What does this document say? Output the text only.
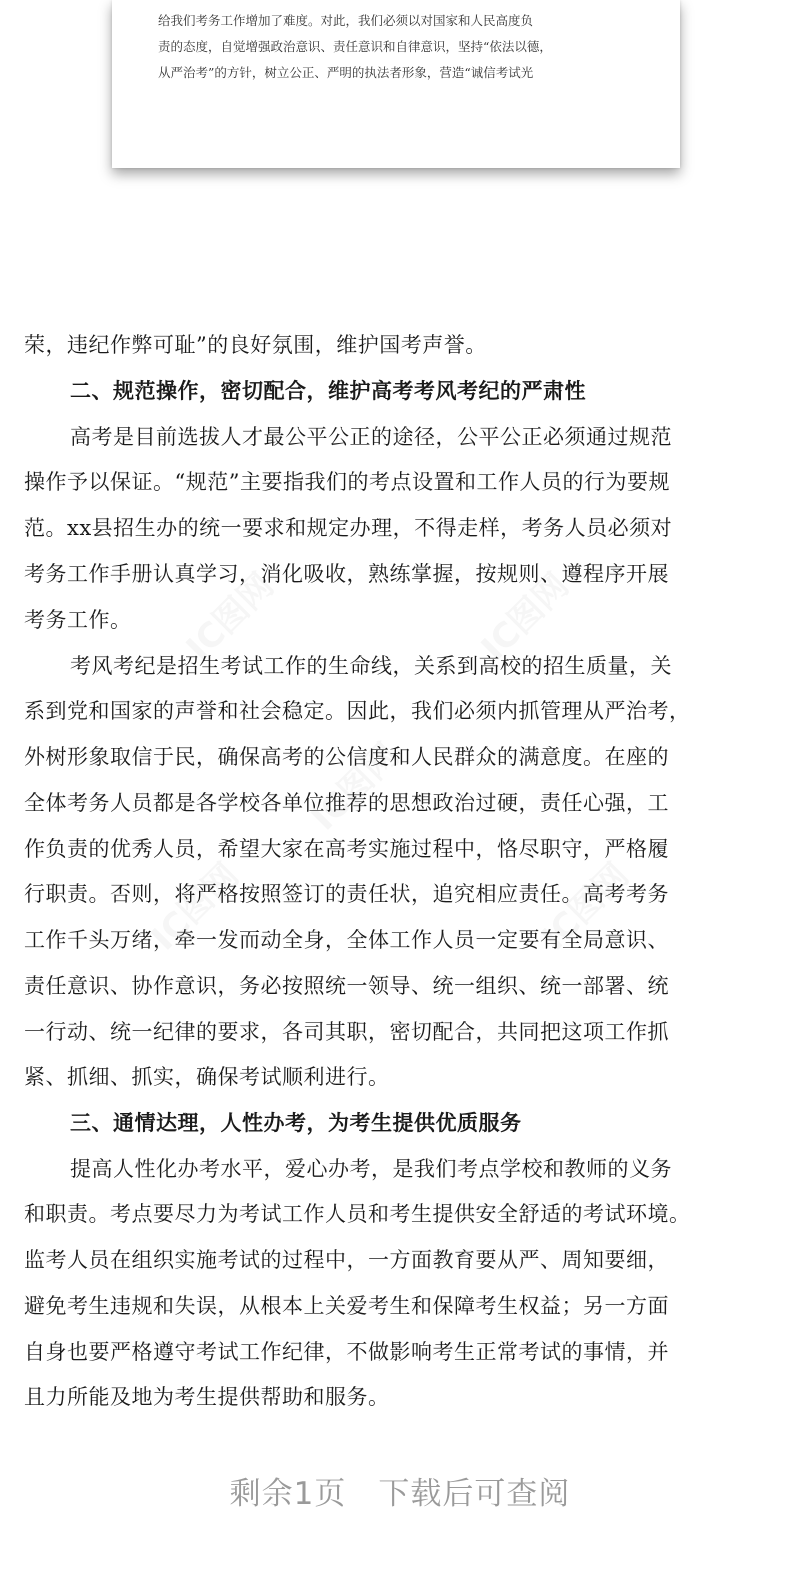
给我们考务工作增加了难度。对此，我们必须以对国家和人民高度负
责的态度，自觉增强政治意识、责任意识和自律意识，坚持“依法以德，
从严治考”的方针，树立公正、严明的执法者形象，营造“诚信考试光
IC图网	IC图网
IC图网
IC图网	IC图网
荣，违纪作弊可耻”的良好氛围，维护国考声誉。
二、规范操作，密切配合，维护高考考风考纪的严肃性
高考是目前选拔人才最公平公正的途径，公平公正必须通过规范
操作予以保证。“规范”主要指我们的考点设置和工作人员的行为要规
范。xx县招生办的统一要求和规定办理，不得走样，考务人员必须对
考务工作手册认真学习，消化吸收，熟练掌握，按规则、遵程序开展
考务工作。
考风考纪是招生考试工作的生命线，关系到高校的招生质量，关
系到党和国家的声誉和社会稳定。因此，我们必须内抓管理从严治考，
外树形象取信于民，确保高考的公信度和人民群众的满意度。在座的
全体考务人员都是各学校各单位推荐的思想政治过硬，责任心强，工
作负责的优秀人员，希望大家在高考实施过程中，恪尽职守，严格履
行职责。否则，将严格按照签订的责任状，追究相应责任。高考考务
工作千头万绪，牵一发而动全身，全体工作人员一定要有全局意识、
责任意识、协作意识，务必按照统一领导、统一组织、统一部署、统
一行动、统一纪律的要求，各司其职，密切配合，共同把这项工作抓
紧、抓细、抓实，确保考试顺利进行。
三、通情达理，人性办考，为考生提供优质服务
提高人性化办考水平，爱心办考，是我们考点学校和教师的义务
和职责。考点要尽力为考试工作人员和考生提供安全舒适的考试环境。
监考人员在组织实施考试的过程中，一方面教育要从严、周知要细，
避免考生违规和失误，从根本上关爱考生和保障考生权益；另一方面
自身也要严格遵守考试工作纪律，不做影响考生正常考试的事情，并
且力所能及地为考生提供帮助和服务。
剩余1页 下载后可查阅
